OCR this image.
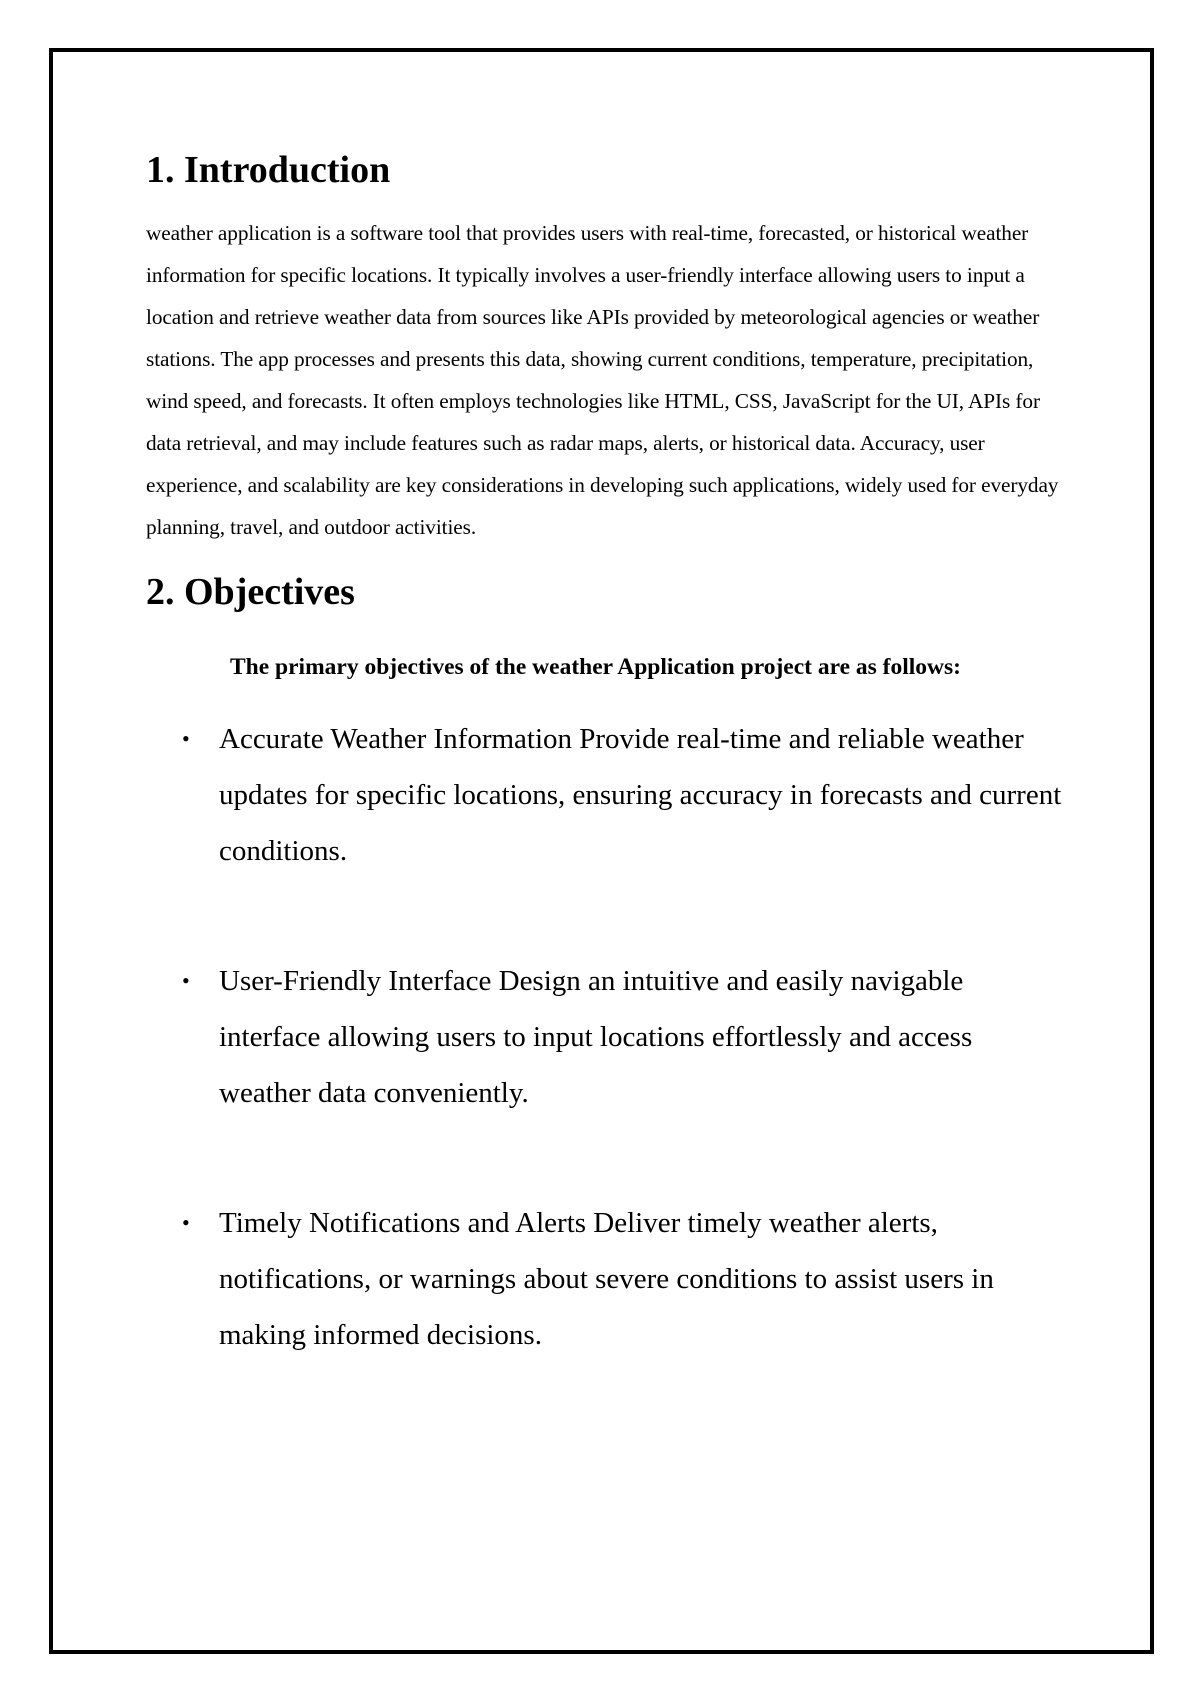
1. Introduction

weather application is a software tool that provides users with real-time, forecasted, or historical weather information for specific locations. It typically involves a user-friendly interface allowing users to input a location and retrieve weather data from sources like APIs provided by meteorological agencies or weather stations. The app processes and presents this data, showing current conditions, temperature, precipitation, wind speed, and forecasts. It often employs technologies like HTML, CSS, JavaScript for the UI, APIs for data retrieval, and may include features such as radar maps, alerts, or historical data. Accuracy, user experience, and scalability are key considerations in developing such applications, widely used for everyday planning, travel, and outdoor activities.

2. Objectives

The primary objectives of the weather Application project are as follows:

• Accurate Weather Information Provide real-time and reliable weather updates for specific locations, ensuring accuracy in forecasts and current conditions.
• User-Friendly Interface Design an intuitive and easily navigable interface allowing users to input locations effortlessly and access weather data conveniently.
• Timely Notifications and Alerts Deliver timely weather alerts, notifications, or warnings about severe conditions to assist users in making informed decisions.
